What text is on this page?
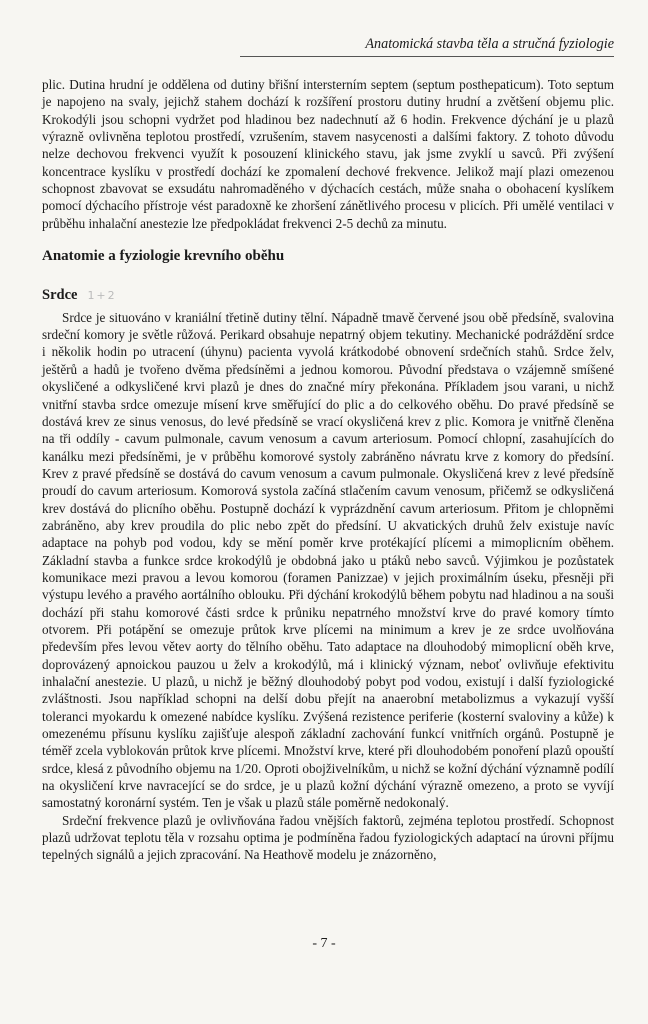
Anatomická stavba těla a stručná fyziologie

plic. Dutina hrudní je oddělena od dutiny břišní intersterním septem (septum posthepaticum). Toto septum je napojeno na svaly, jejichž stahem dochází k rozšíření prostoru dutiny hrudní a zvětšení objemu plic. Krokodýli jsou schopni vydržet pod hladinou bez nadechnutí až 6 hodin. Frekvence dýchání je u plazů výrazně ovlivněna teplotou prostředí, vzrušením, stavem nasycenosti a dalšími faktory. Z tohoto důvodu nelze dechovou frekvenci využít k posouzení klinického stavu, jak jsme zvyklí u savců. Při zvýšení koncentrace kyslíku v prostředí dochází ke zpomalení dechové frekvence. Jelikož mají plazi omezenou schopnost zbavovat se exsudátu nahromaděného v dýchacích cestách, může snaha o obohacení kyslíkem pomocí dýchacího přístroje vést paradoxně ke zhoršení zánětlivého procesu v plicích. Při umělé ventilaci v průběhu inhalační anestezie lze předpokládat frekvenci 2-5 dechů za minutu.

Anatomie a fyziologie krevního oběhu
Srdce 1+2

Srdce je situováno v kraniální třetině dutiny tělní. Nápadně tmavě červené jsou obě předsíně, svalovina srdeční komory je světle růžová. Perikard obsahuje nepatrný objem tekutiny. Mechanické podráždění srdce i několik hodin po utracení (úhynu) pacienta vyvolá krátkodobé obnovení srdečních stahů. Srdce želv, ještěrů a hadů je tvořeno dvěma předsíněmi a jednou komorou. Původní představa o vzájemně smíšené okysličené a odkysličené krvi plazů je dnes do značné míry překonána. Příkladem jsou varani, u nichž vnitřní stavba srdce omezuje mísení krve směřující do plic a do celkového oběhu. Do pravé předsíně se dostává krev ze sinus venosus, do levé předsíně se vrací okysličená krev z plic. Komora je vnitřně členěna na tři oddíly - cavum pulmonale, cavum venosum a cavum arteriosum. Pomocí chlopní, zasahujících do kanálku mezi předsíněmi, je v průběhu komorové systoly zabráněno návratu krve z komory do předsíní. Krev z pravé předsíně se dostává do cavum venosum a cavum pulmonale. Okysličená krev z levé předsíně proudí do cavum arteriosum. Komorová systola začíná stlačením cavum venosum, přičemž se odkysličená krev dostává do plicního oběhu. Postupně dochází k vyprázdnění cavum arteriosum. Přitom je chlopněmi zabráněno, aby krev proudila do plic nebo zpět do předsíní. U akvatických druhů želv existuje navíc adaptace na pohyb pod vodou, kdy se mění poměr krve protékající plícemi a mimoplicním oběhem. Základní stavba a funkce srdce krokodýlů je obdobná jako u ptáků nebo savců. Výjimkou je pozůstatek komunikace mezi pravou a levou komorou (foramen Panizzae) v jejich proximálním úseku, přesněji při výstupu levého a pravého aortálního oblouku. Při dýchání krokodýlů během pobytu nad hladinou a na souši dochází při stahu komorové části srdce k průniku nepatrného množství krve do pravé komory tímto otvorem. Při potápění se omezuje průtok krve plícemi na minimum a krev je ze srdce uvolňována především přes levou větev aorty do tělního oběhu. Tato adaptace na dlouhodobý mimoplicní oběh krve, doprovázený apnoickou pauzou u želv a krokodýlů, má i klinický význam, neboť ovlivňuje efektivitu inhalační anestezie. U plazů, u nichž je běžný dlouhodobý pobyt pod vodou, existují i další fyziologické zvláštnosti. Jsou například schopni na delší dobu přejít na anaerobní metabolizmus a vykazují vyšší toleranci myokardu k omezené nabídce kyslíku. Zvýšená rezistence periferie (kosterní svaloviny a kůže) k omezenému přísunu kyslíku zajišťuje alespoň základní zachování funkcí vnitřních orgánů. Postupně je téměř zcela vyblokován průtok krve plícemi. Množství krve, které při dlouhodobém ponoření plazů opouští srdce, klesá z původního objemu na 1/20. Oproti obojživelníkům, u nichž se kožní dýchání významně podílí na okysličení krve navracející se do srdce, je u plazů kožní dýchání výrazně omezeno, a proto se vyvíjí samostatný koronární systém. Ten je však u plazů stále poměrně nedokonalý.

Srdeční frekvence plazů je ovlivňována řadou vnějších faktorů, zejména teplotou prostředí. Schopnost plazů udržovat teplotu těla v rozsahu optima je podmíněna řadou fyziologických adaptací na úrovni příjmu tepelných signálů a jejich zpracování. Na Heathově modelu je znázorněno,

- 7 -
